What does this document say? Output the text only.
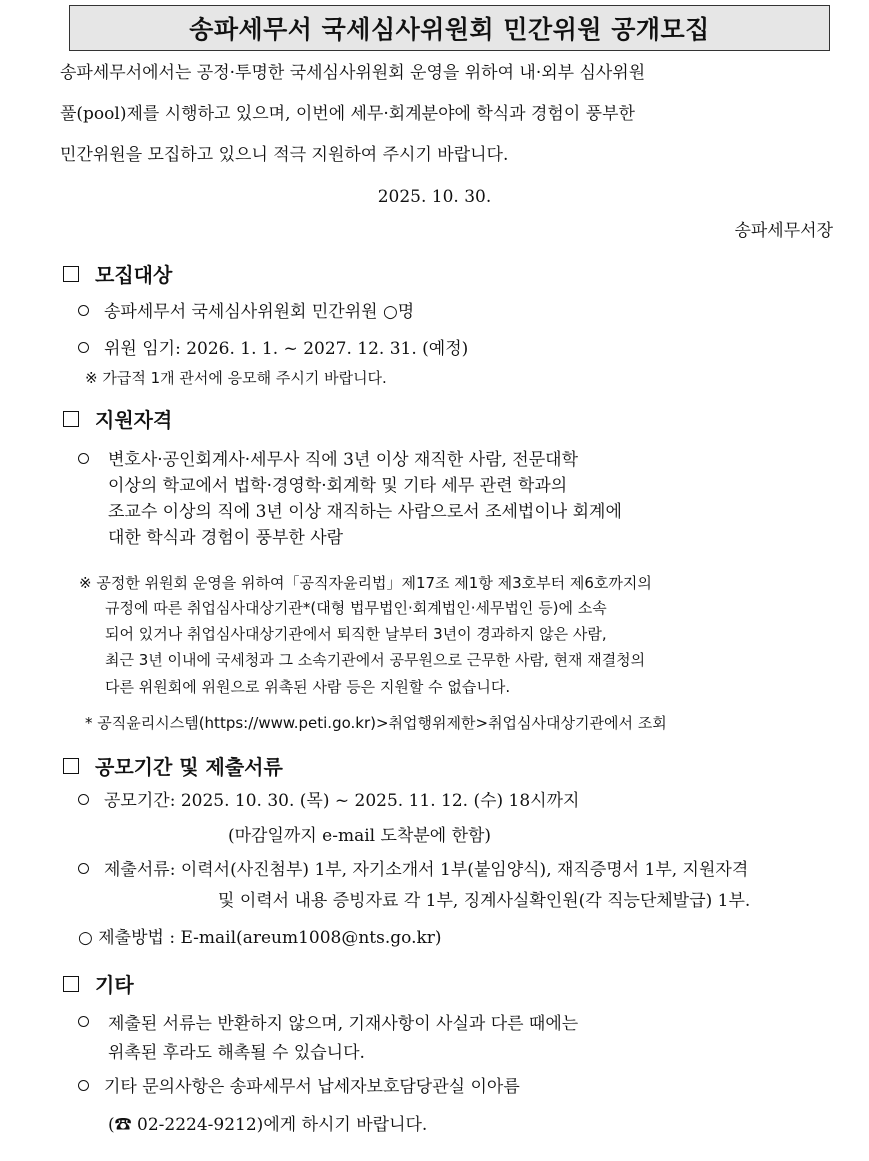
송파세무서 국세심사위원회 민간위원 공개모집
송파세무서에서는 공정·투명한 국세심사위원회 운영을 위하여 내·외부 심사위원
풀(pool)제를 시행하고 있으며, 이번에 세무·회계분야에 학식과 경험이 풍부한
민간위원을 모집하고 있으니 적극 지원하여 주시기 바랍니다.
2025. 10. 30.
송파세무서장
모집대상
송파세무서 국세심사위원회 민간위원 ○명
위원 임기: 2026. 1. 1. ~ 2027. 12. 31. (예정)
※ 가급적 1개 관서에 응모해 주시기 바랍니다.
지원자격
변호사·공인회계사·세무사 직에 3년 이상 재직한 사람, 전문대학
이상의 학교에서 법학·경영학·회계학 및 기타 세무 관련 학과의
조교수 이상의 직에 3년 이상 재직하는 사람으로서 조세법이나 회계에
대한 학식과 경험이 풍부한 사람
※ 공정한 위원회 운영을 위하여「공직자윤리법」제17조 제1항 제3호부터 제6호까지의
규정에 따른 취업심사대상기관*(대형 법무법인·회계법인·세무법인 등)에 소속
되어 있거나 취업심사대상기관에서 퇴직한 날부터 3년이 경과하지 않은 사람,
최근 3년 이내에 국세청과 그 소속기관에서 공무원으로 근무한 사람, 현재 재결청의
다른 위원회에 위원으로 위촉된 사람 등은 지원할 수 없습니다.
* 공직윤리시스템(https://www.peti.go.kr)>취업행위제한>취업심사대상기관에서 조회
공모기간 및 제출서류
공모기간: 2025. 10. 30. (목) ~ 2025. 11. 12. (수) 18시까지
(마감일까지 e-mail 도착분에 한함)
제출서류: 이력서(사진첨부) 1부, 자기소개서 1부(붙임양식), 재직증명서 1부, 지원자격
및 이력서 내용 증빙자료 각 1부, 징계사실확인원(각 직능단체발급) 1부.
○ 제출방법 : E-mail(areum1008@nts.go.kr)
기타
제출된 서류는 반환하지 않으며, 기재사항이 사실과 다른 때에는
위촉된 후라도 해촉될 수 있습니다.
기타 문의사항은 송파세무서 납세자보호담당관실 이아름
(☎ 02-2224-9212)에게 하시기 바랍니다.
